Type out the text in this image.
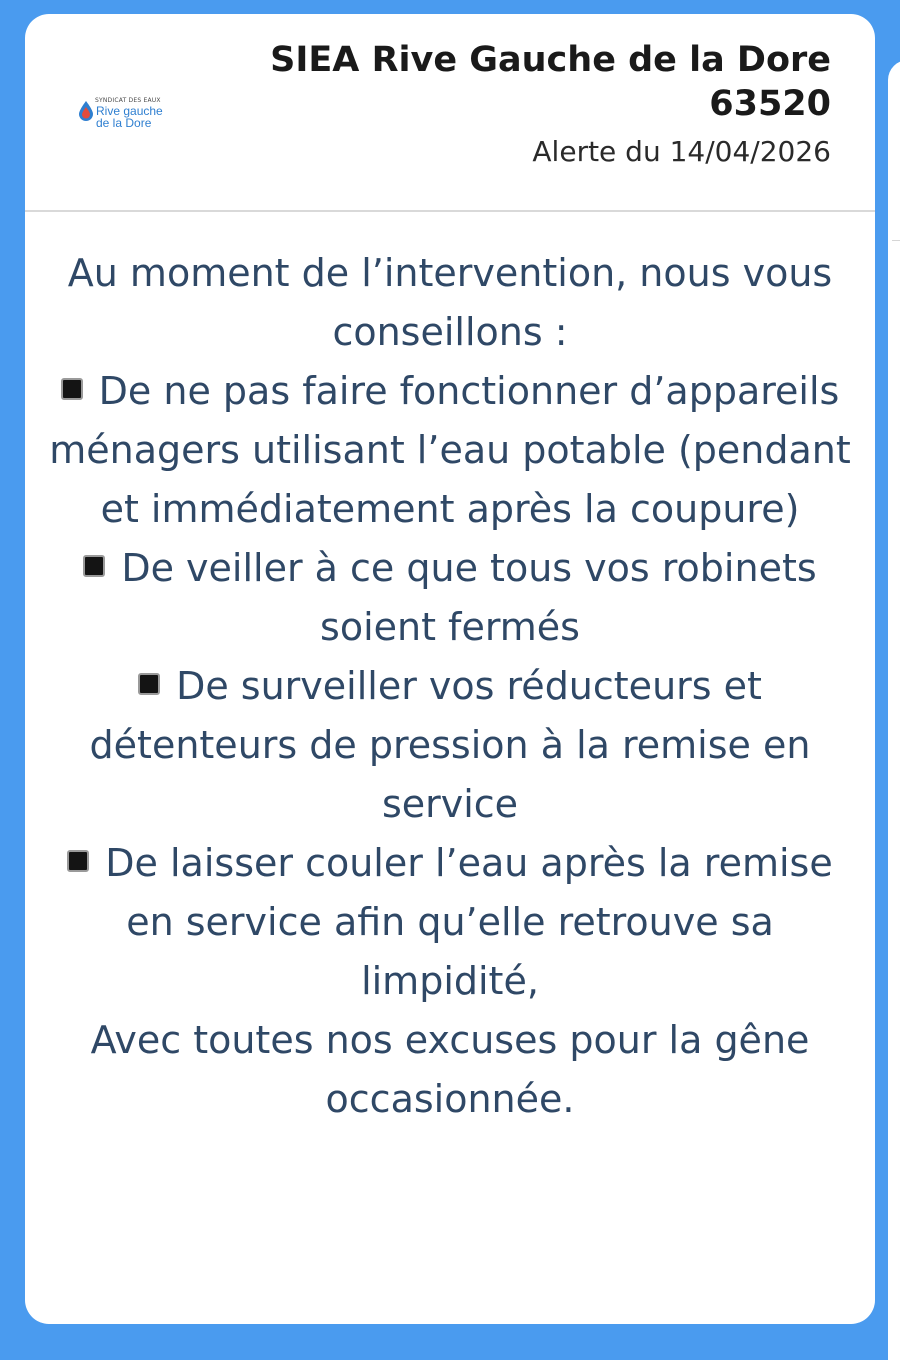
SYNDICAT DES EAUX
Rive gauche
de la Dore
SIEA Rive Gauche de la Dore
63520
Alerte du 14/04/2026

Au moment de l’intervention, nous vous conseillons :

De ne pas faire fonctionner d’appareils ménagers utilisant l’eau potable (pendant et immédiatement après la coupure)

De veiller à ce que tous vos robinets soient fermés

De surveiller vos réducteurs et détenteurs de pression à la remise en service

De laisser couler l’eau après la remise en service afin qu’elle retrouve sa limpidité,

Avec toutes nos excuses pour la gêne occasionnée.
